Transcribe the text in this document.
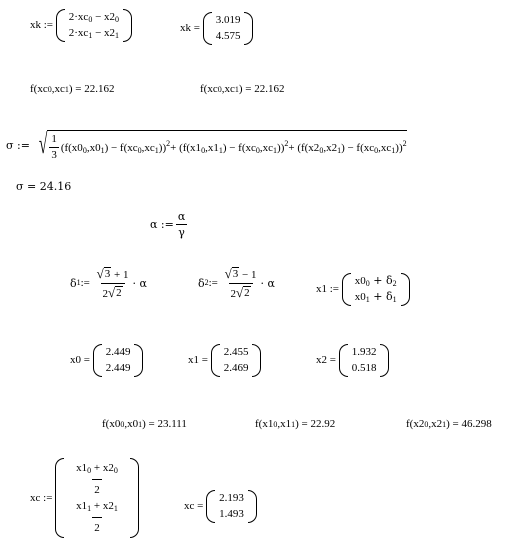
xk :=

$2\cdot xc_0 - x2_0$
$2\cdot xc_1 - x2_1$
xk =

3.019
4.575
f(xc 0 ,xc 1 ) = 22.162	f(xc 0 ,xc 1 ) = 22.162
σ := √ $\frac{1}{3} (f(x0_0,x0_1) - f(xc_0,xc_1))^2 + (f(x1_0,x1_1) - f(xc_0,xc_1))^2 + (f(x2_0,x2_1) - f(xc_0,xc_1))^2$
σ = 24.16
α := $\frac{\alpha}{\gamma}$
δ 1 :=
$\frac{√ 3 + 1}{2 √ 2} \cdot \alpha$	δ 2 :=
$\frac{√ 3 - 1}{2 √ 2} \cdot \alpha$	x1 :=

$x0_0 + \delta_2$
$x0_1 + \delta_1$
x0 =

2.449
2.449
x1 =

2.455
2.469
x2 =

1.932
0.518
f(x0 0 ,x0 1 ) = 23.111	f(x1 0 ,x1 1 ) = 22.92	f(x2 0 ,x2 1 ) = 46.298
xc :=
$\frac{x1_0 + x2_0}{2}$
$\frac{x1_1 + x2_1}{2}$	xc =

2.193
1.493
